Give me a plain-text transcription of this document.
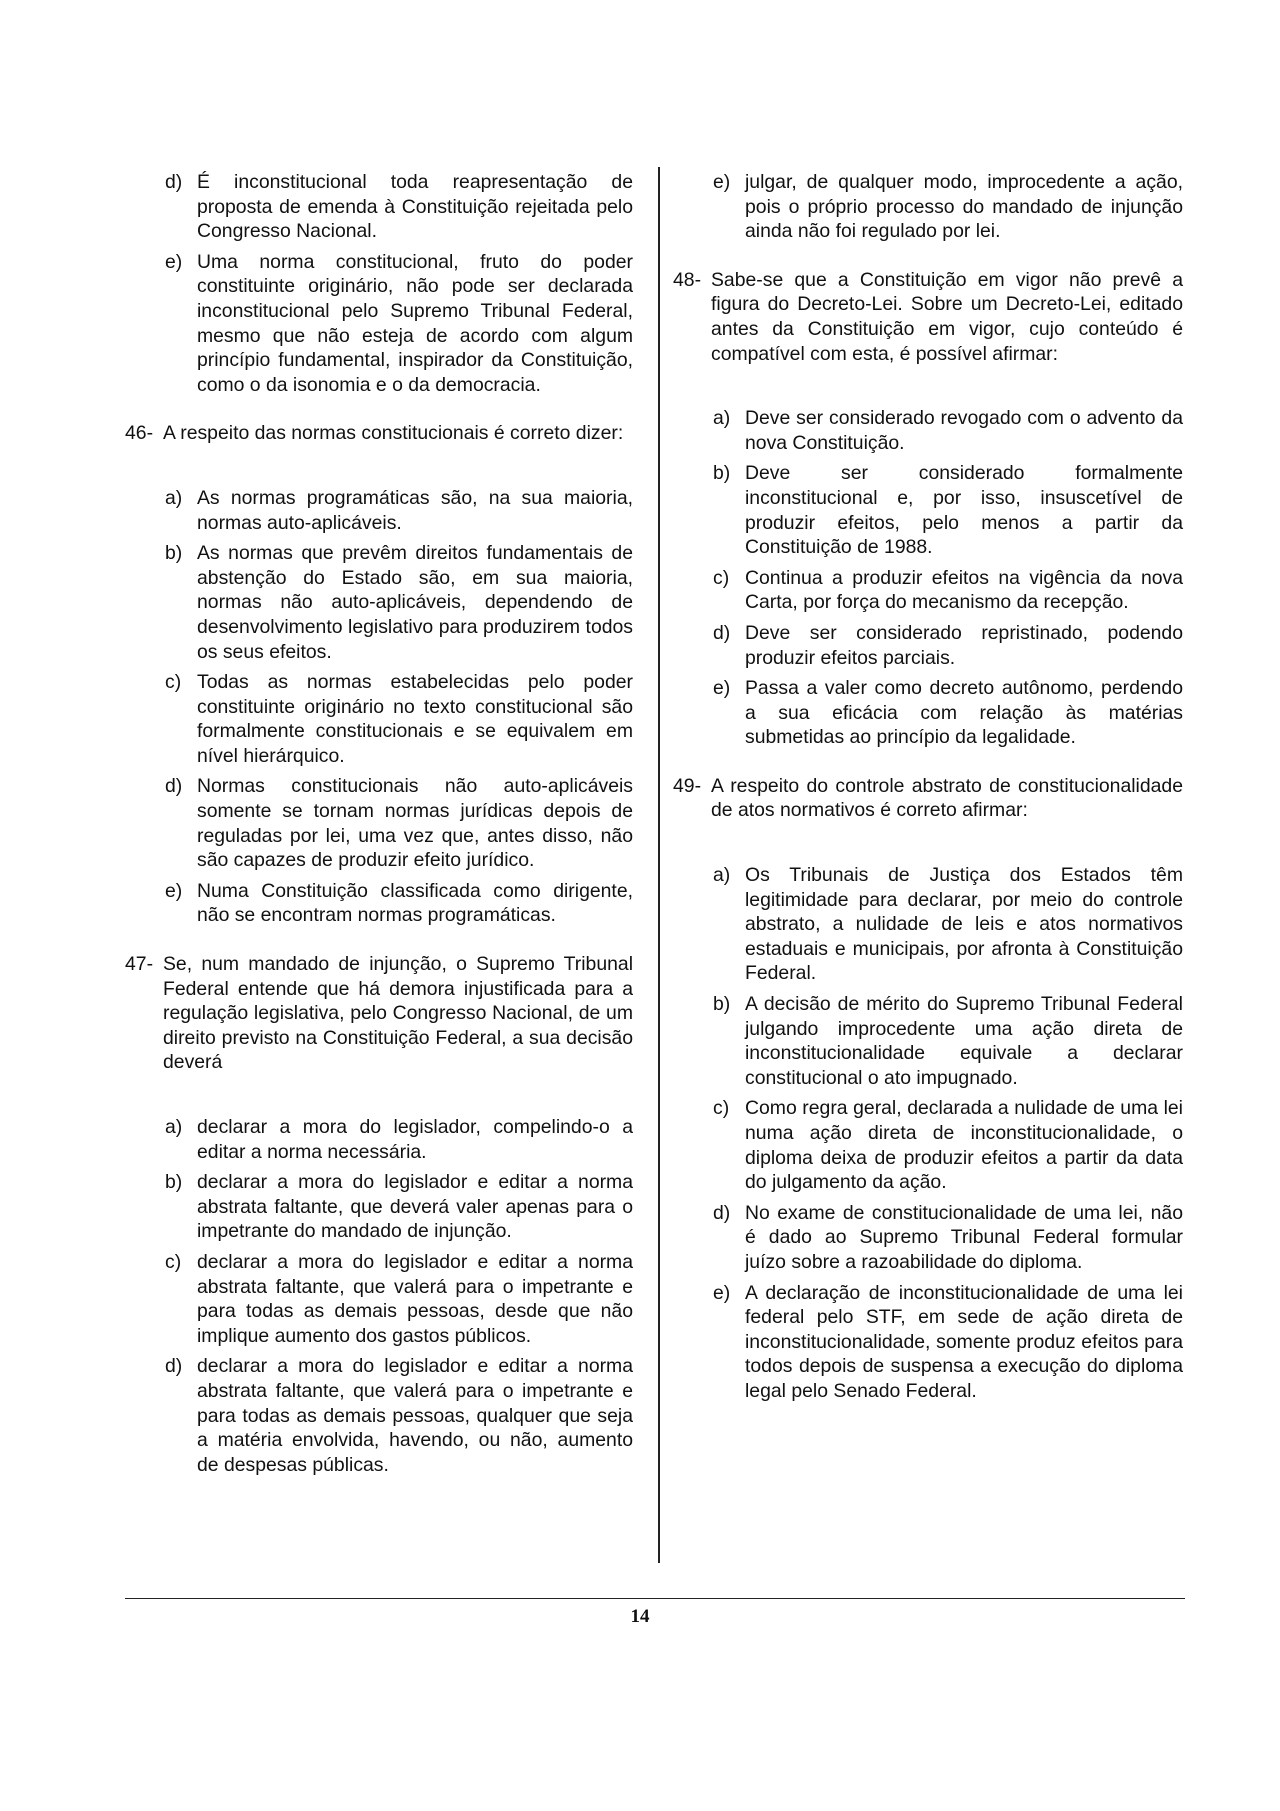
d) É inconstitucional toda reapresentação de proposta de emenda à Constituição rejeitada pelo Congresso Nacional.
e) Uma norma constitucional, fruto do poder constituinte originário, não pode ser declarada inconstitucional pelo Supremo Tribunal Federal, mesmo que não esteja de acordo com algum princípio fundamental, inspirador da Constituição, como o da isonomia e o da democracia.
46- A respeito das normas constitucionais é correto dizer:
a) As normas programáticas são, na sua maioria, normas auto-aplicáveis.
b) As normas que prevêm direitos fundamentais de abstenção do Estado são, em sua maioria, normas não auto-aplicáveis, dependendo de desenvolvimento legislativo para produzirem todos os seus efeitos.
c) Todas as normas estabelecidas pelo poder constituinte originário no texto constitucional são formalmente constitucionais e se equivalem em nível hierárquico.
d) Normas constitucionais não auto-aplicáveis somente se tornam normas jurídicas depois de reguladas por lei, uma vez que, antes disso, não são capazes de produzir efeito jurídico.
e) Numa Constituição classificada como dirigente, não se encontram normas programáticas.
47- Se, num mandado de injunção, o Supremo Tribunal Federal entende que há demora injustificada para a regulação legislativa, pelo Congresso Nacional, de um direito previsto na Constituição Federal, a sua decisão deverá
a) declarar a mora do legislador, compelindo-o a editar a norma necessária.
b) declarar a mora do legislador e editar a norma abstrata faltante, que deverá valer apenas para o impetrante do mandado de injunção.
c) declarar a mora do legislador e editar a norma abstrata faltante, que valerá para o impetrante e para todas as demais pessoas, desde que não implique aumento dos gastos públicos.
d) declarar a mora do legislador e editar a norma abstrata faltante, que valerá para o impetrante e para todas as demais pessoas, qualquer que seja a matéria envolvida, havendo, ou não, aumento de despesas públicas.
e) julgar, de qualquer modo, improcedente a ação, pois o próprio processo do mandado de injunção ainda não foi regulado por lei.
48- Sabe-se que a Constituição em vigor não prevê a figura do Decreto-Lei. Sobre um Decreto-Lei, editado antes da Constituição em vigor, cujo conteúdo é compatível com esta, é possível afirmar:
a) Deve ser considerado revogado com o advento da nova Constituição.
b) Deve ser considerado formalmente inconstitucional e, por isso, insuscetível de produzir efeitos, pelo menos a partir da Constituição de 1988.
c) Continua a produzir efeitos na vigência da nova Carta, por força do mecanismo da recepção.
d) Deve ser considerado repristinado, podendo produzir efeitos parciais.
e) Passa a valer como decreto autônomo, perdendo a sua eficácia com relação às matérias submetidas ao princípio da legalidade.
49- A respeito do controle abstrato de constitucionalidade de atos normativos é correto afirmar:
a) Os Tribunais de Justiça dos Estados têm legitimidade para declarar, por meio do controle abstrato, a nulidade de leis e atos normativos estaduais e municipais, por afronta à Constituição Federal.
b) A decisão de mérito do Supremo Tribunal Federal julgando improcedente uma ação direta de inconstitucionalidade equivale a declarar constitucional o ato impugnado.
c) Como regra geral, declarada a nulidade de uma lei numa ação direta de inconstitucionalidade, o diploma deixa de produzir efeitos a partir da data do julgamento da ação.
d) No exame de constitucionalidade de uma lei, não é dado ao Supremo Tribunal Federal formular juízo sobre a razoabilidade do diploma.
e) A declaração de inconstitucionalidade de uma lei federal pelo STF, em sede de ação direta de inconstitucionalidade, somente produz efeitos para todos depois de suspensa a execução do diploma legal pelo Senado Federal.
14
